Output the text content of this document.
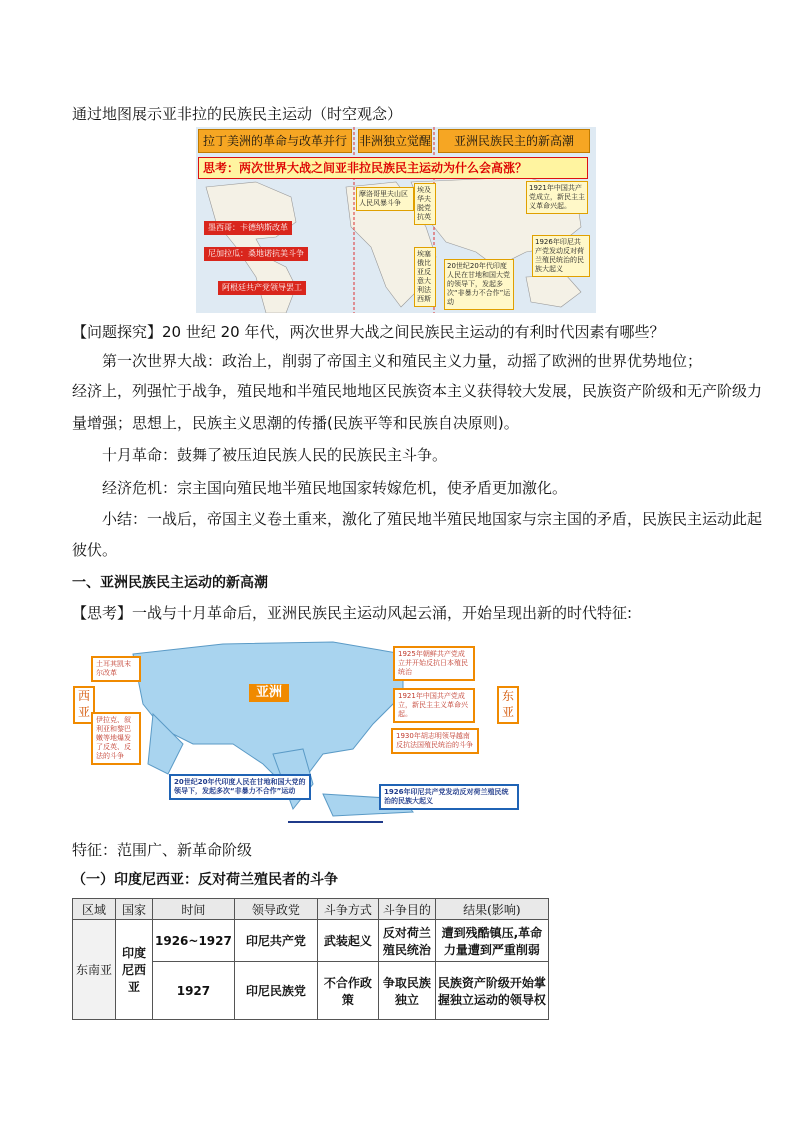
通过地图展示亚非拉的民族民主运动（时空观念）
拉丁美洲的革命与改革并行	非洲独立觉醒	亚洲民族民主的新高潮
思考：两次世界大战之间亚非拉民族民主运动为什么会高涨？
墨西哥：卡德纳斯改革
尼加拉瓜：桑地诺抗美斗争
阿根廷共产党领导罢工
摩洛哥里夫山区人民风暴斗争
埃及华夫脱党抗英
埃塞俄比亚反意大利法西斯
1921年中国共产党成立，新民主主义革命兴起。
1926年印尼共产党发动反对荷兰殖民统治的民族大起义
20世纪20年代印度人民在甘地和国大党的领导下，发起多次“非暴力不合作”运动
【问题探究】20 世纪 20 年代，两次世界大战之间民族民主运动的有利时代因素有哪些？
第一次世界大战：政治上，削弱了帝国主义和殖民主义力量，动摇了欧洲的世界优势地位；
经济上，列强忙于战争，殖民地和半殖民地地区民族资本主义获得较大发展，民族资产阶级和无产阶级力
量增强；思想上，民族主义思潮的传播(民族平等和民族自决原则)。
十月革命：鼓舞了被压迫民族人民的民族民主斗争。
经济危机：宗主国向殖民地半殖民地国家转嫁危机，使矛盾更加激化。
小结：一战后，帝国主义卷土重来，激化了殖民地半殖民地国家与宗主国的矛盾，民族民主运动此起
彼伏。
一、亚洲民族民主运动的新高潮
【思考】一战与十月革命后，亚洲民族民主运动风起云涌，开始呈现出新的时代特征:
西亚
东亚
亚洲
土耳其凯末尔改革
伊拉克、叙利亚和黎巴嫩等地爆发了反英、反法的斗争
1925年朝鲜共产党成立并开始反抗日本殖民统治
1921年中国共产党成立，新民主主义革命兴起。
1930年胡志明领导越南反抗法国殖民统治的斗争
20世纪20年代印度人民在甘地和国大党的领导下，发起多次“非暴力不合作”运动	1926年印尼共产党发动反对荷兰殖民统治的民族大起义
特征：范围广、新革命阶级
（一）印度尼西亚：反对荷兰殖民者的斗争
区域	国家	时间	领导政党	斗争方式	斗争目的	结果(影响)
东南亚	印度尼西亚	1926~1927	印尼共产党	武装起义	反对荷兰殖民统治	遭到残酷镇压,革命力量遭到严重削弱
		1927	印尼民族党	不合作政策	争取民族独立	民族资产阶级开始掌握独立运动的领导权
